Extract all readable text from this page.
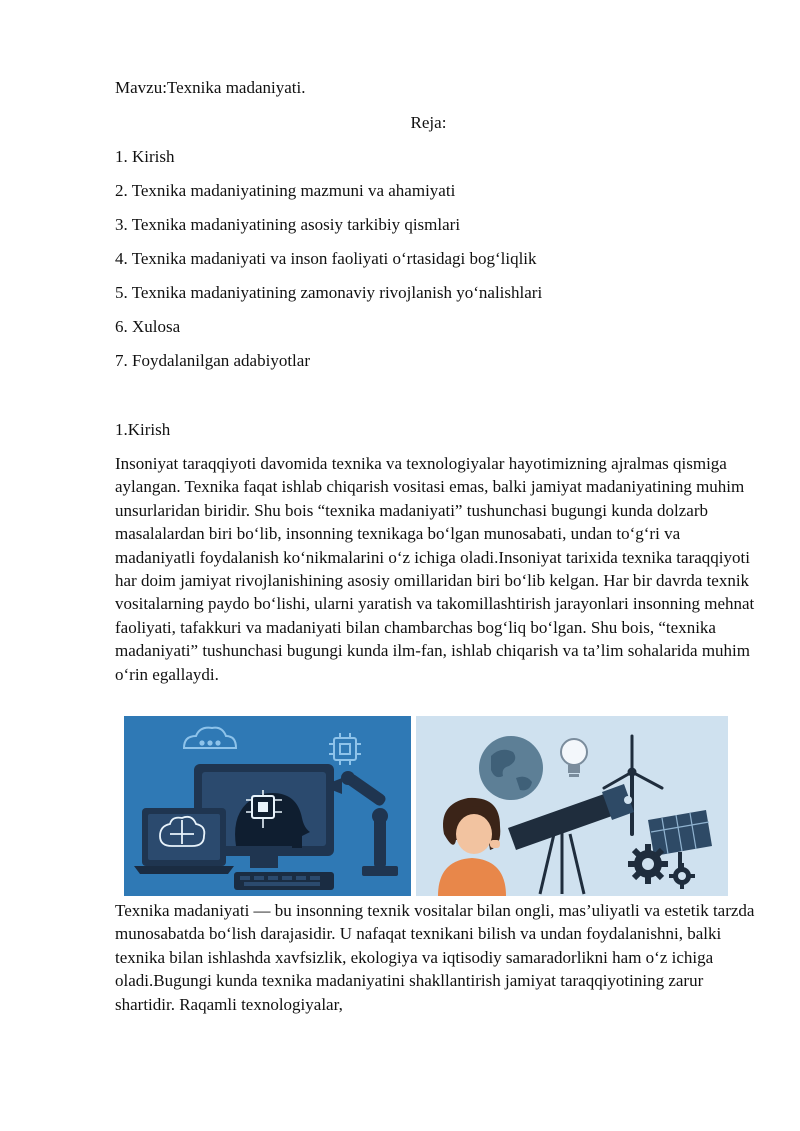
Mavzu:Texnika madaniyati.
Reja:
1. Kirish
2. Texnika madaniyatining mazmuni va ahamiyati
3. Texnika madaniyatining asosiy tarkibiy qismlari
4. Texnika madaniyati va inson faoliyati o‘rtasidagi bog‘liqlik
5. Texnika madaniyatining zamonaviy rivojlanish yo‘nalishlari
6. Xulosa
7. Foydalanilgan adabiyotlar
1.Kirish
Insoniyat taraqqiyoti davomida texnika va texnologiyalar hayotimizning ajralmas qismiga aylangan. Texnika faqat ishlab chiqarish vositasi emas, balki jamiyat madaniyatining muhim unsurlaridan biridir. Shu bois “texnika madaniyati” tushunchasi bugungi kunda dolzarb masalalardan biri bo‘lib, insonning texnikaga bo‘lgan munosabati, undan to‘g‘ri va madaniyatli foydalanish ko‘nikmalarini o‘z ichiga oladi.Insoniyat tarixida texnika taraqqiyoti har doim jamiyat rivojlanishining asosiy omillaridan biri bo‘lib kelgan. Har bir davrda texnik vositalarning paydo bo‘lishi, ularni yaratish va takomillashtirish jarayonlari insonning mehnat faoliyati, tafakkuri va madaniyati bilan chambarchas bog‘liq bo‘lgan. Shu bois, “texnika madaniyati” tushunchasi bugungi kunda ilm-fan, ishlab chiqarish va ta’lim sohalarida muhim o‘rin egallaydi.
Texnika madaniyati — bu insonning texnik vositalar bilan ongli, mas’uliyatli va estetik tarzda munosabatda bo‘lish darajasidir. U nafaqat texnikani bilish va undan foydalanishni, balki texnika bilan ishlashda xavfsizlik, ekologiya va iqtisodiy samaradorlikni ham o‘z ichiga oladi.Bugungi kunda texnika madaniyatini shakllantirish jamiyat taraqqiyotining zarur shartidir. Raqamli texnologiyalar,
